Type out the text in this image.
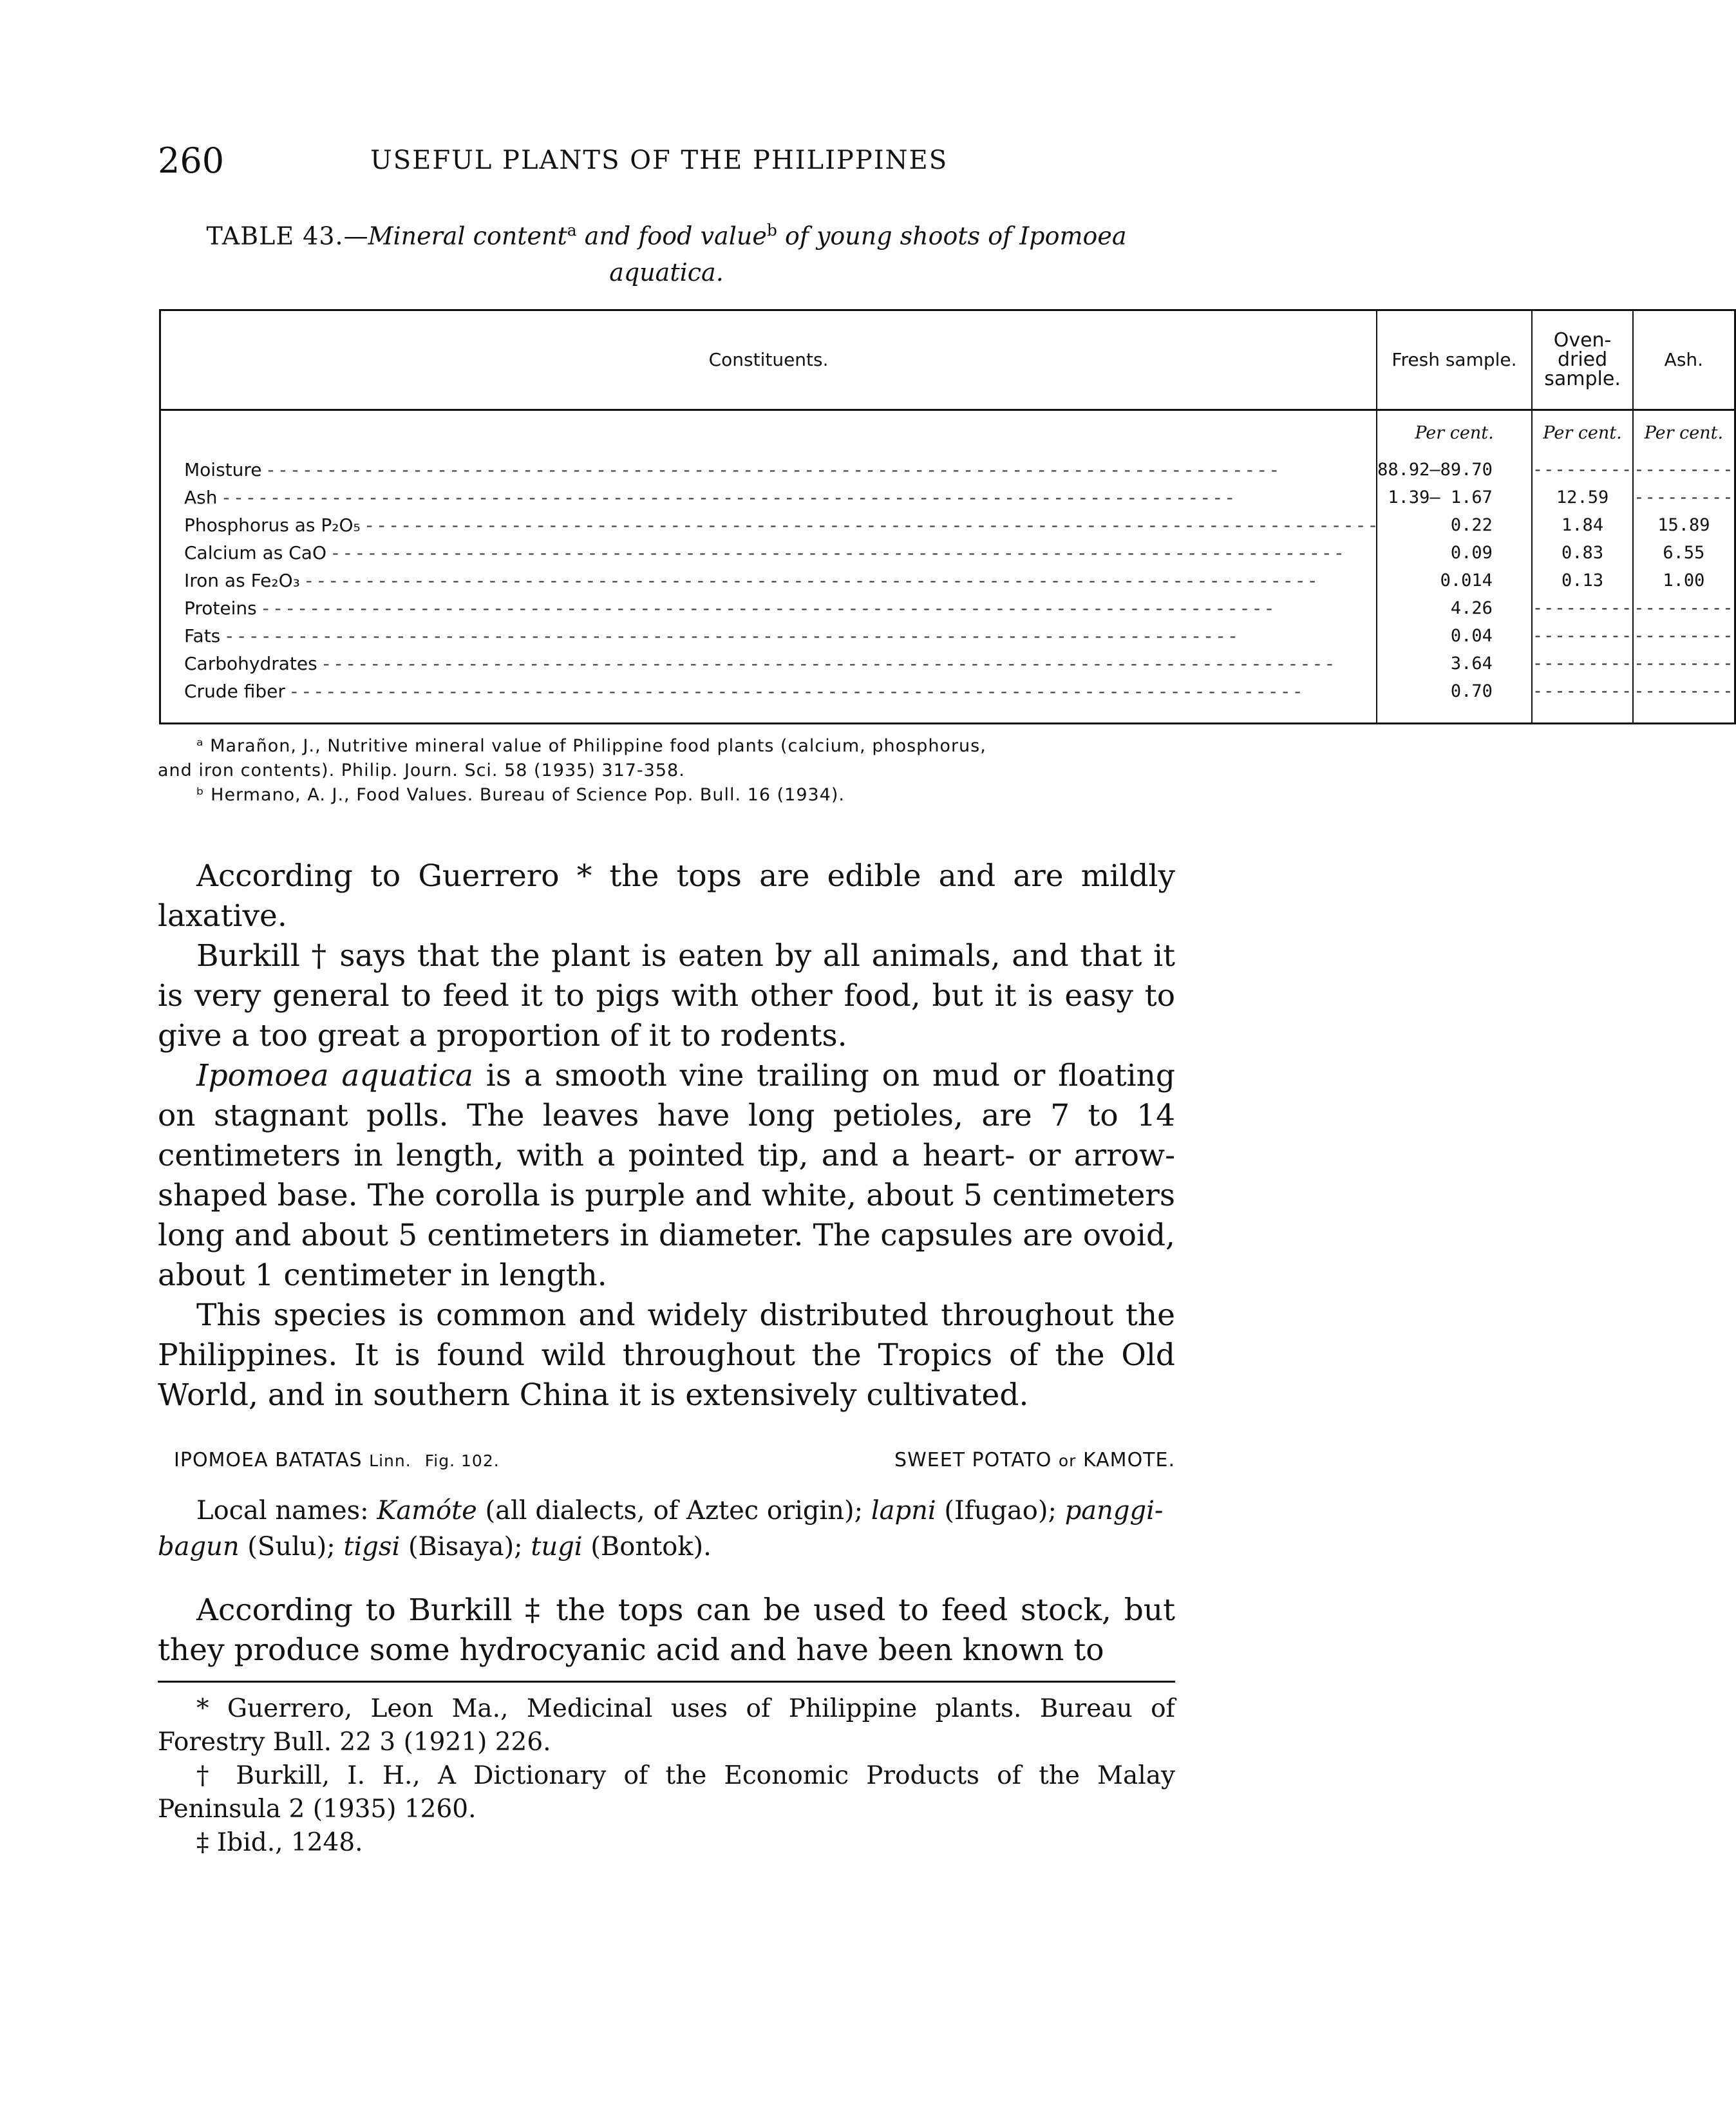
260	USEFUL PLANTS OF THE PHILIPPINES
TABLE 43.—Mineral content$^a$ and food value$^b$ of young shoots of Ipomoea
aquatica.
Constituents.	Fresh sample.	Oven-
dried
sample.	Ash.
	Per cent.	Per cent.	Per cent.
Moisture - - -	88.92–89.70	---------	---------
Ash - - -	1.39– 1.67	12.59	---------
Phosphorus as P₂O₅ - - -	0.22	1.84	15.89
Calcium as CaO - - -	0.09	0.83	6.55
Iron as Fe₂O₃ - - -	0.014	0.13	1.00
Proteins - - -	4.26	---------	---------
Fats - - -	0.04	---------	---------
Carbohydrates - - -	3.64	---------	---------
Crude fiber - - -	0.70	---------	---------

ᵃ Marañon, J., Nutritive mineral value of Philippine food plants (calcium, phosphorus,

and iron contents). Philip. Journ. Sci. 58 (1935) 317-358.

ᵇ Hermano, A. J., Food Values. Bureau of Science Pop. Bull. 16 (1934).

According to Guerrero * the tops are edible and are mildly laxative.

Burkill † says that the plant is eaten by all animals, and that it is very general to feed it to pigs with other food, but it is easy to give a too great a proportion of it to rodents.

Ipomoea aquatica is a smooth vine trailing on mud or floating on stagnant polls. The leaves have long petioles, are 7 to 14 centimeters in length, with a pointed tip, and a heart- or arrow-shaped base. The corolla is purple and white, about 5 centimeters long and about 5 centimeters in diameter. The capsules are ovoid, about 1 centimeter in length.

This species is common and widely distributed throughout the Philippines. It is found wild throughout the Tropics of the Old World, and in southern China it is extensively cultivated.

IPOMOEA BATATAS Linn. Fig. 102.	SWEET POTATO or KAMOTE.

Local names: Kamóte (all dialects, of Aztec origin); lapni (Ifugao); panggi-bagun (Sulu); tigsi (Bisaya); tugi (Bontok).

According to Burkill ‡ the tops can be used to feed stock, but they produce some hydrocyanic acid and have been known to

* Guerrero, Leon Ma., Medicinal uses of Philippine plants. Bureau of Forestry Bull. 22 3 (1921) 226.

† Burkill, I. H., A Dictionary of the Economic Products of the Malay Peninsula 2 (1935) 1260.

‡ Ibid., 1248.
